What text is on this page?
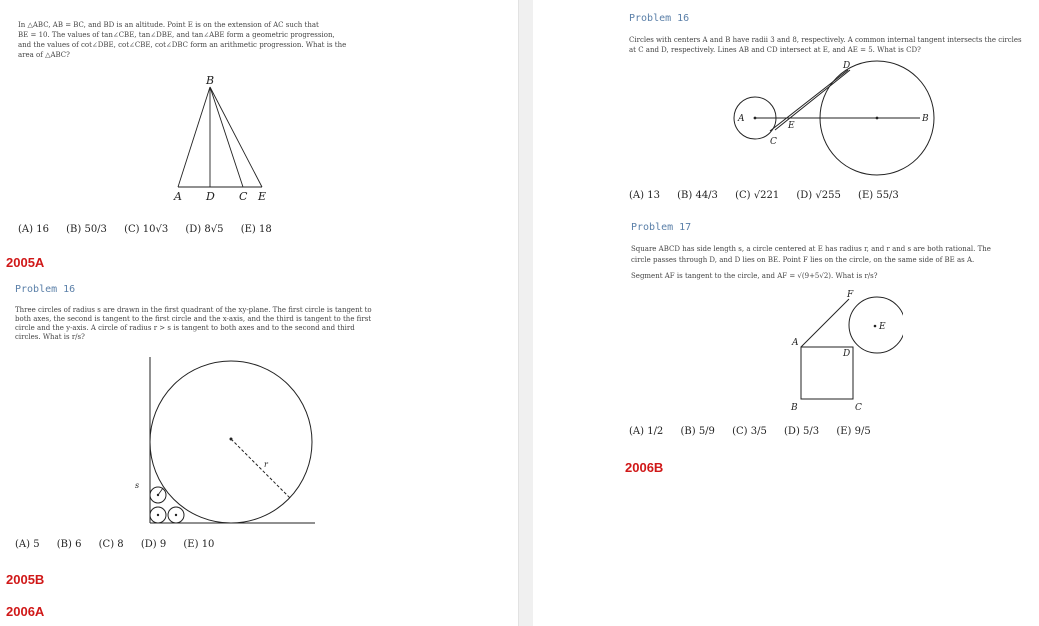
In △ABC, AB = BC, and BD is an altitude. Point E is on the extension of AC such that
BE = 10. The values of tan∠CBE, tan∠DBE, and tan∠ABE form a geometric progression,
and the values of cot∠DBE, cot∠CBE, cot∠DBC form an arithmetic progression. What is the
area of △ABC?
B
A D C E
(A) 16 (B) 50/3 (C) 10√3 (D) 8√5 (E) 18
2005A
Problem 16
Three circles of radius s are drawn in the first quadrant of the xy-plane. The first circle is tangent to
both axes, the second is tangent to the first circle and the x-axis, and the third is tangent to the first
circle and the y-axis. A circle of radius r > s is tangent to both axes and to the second and third
circles. What is r/s?
r
s
(A) 5 (B) 6 (C) 8 (D) 9 (E) 10
2005B
2006A
Problem 16
Circles with centers A and B have radii 3 and 8, respectively. A common internal tangent intersects the circles
at C and D, respectively. Lines AB and CD intersect at E, and AE = 5. What is CD?
D
A
E
B
C
(A) 13 (B) 44/3 (C) √221 (D) √255 (E) 55/3
Problem 17
Square ABCD has side length s, a circle centered at E has radius r, and r and s are both rational. The
circle passes through D, and D lies on BE. Point F lies on the circle, on the same side of BE as A.
Segment AF is tangent to the circle, and AF = √(9+5√2). What is r/s?
F
E
A
D
B	C
(A) 1/2 (B) 5/9 (C) 3/5 (D) 5/3 (E) 9/5
2006B
